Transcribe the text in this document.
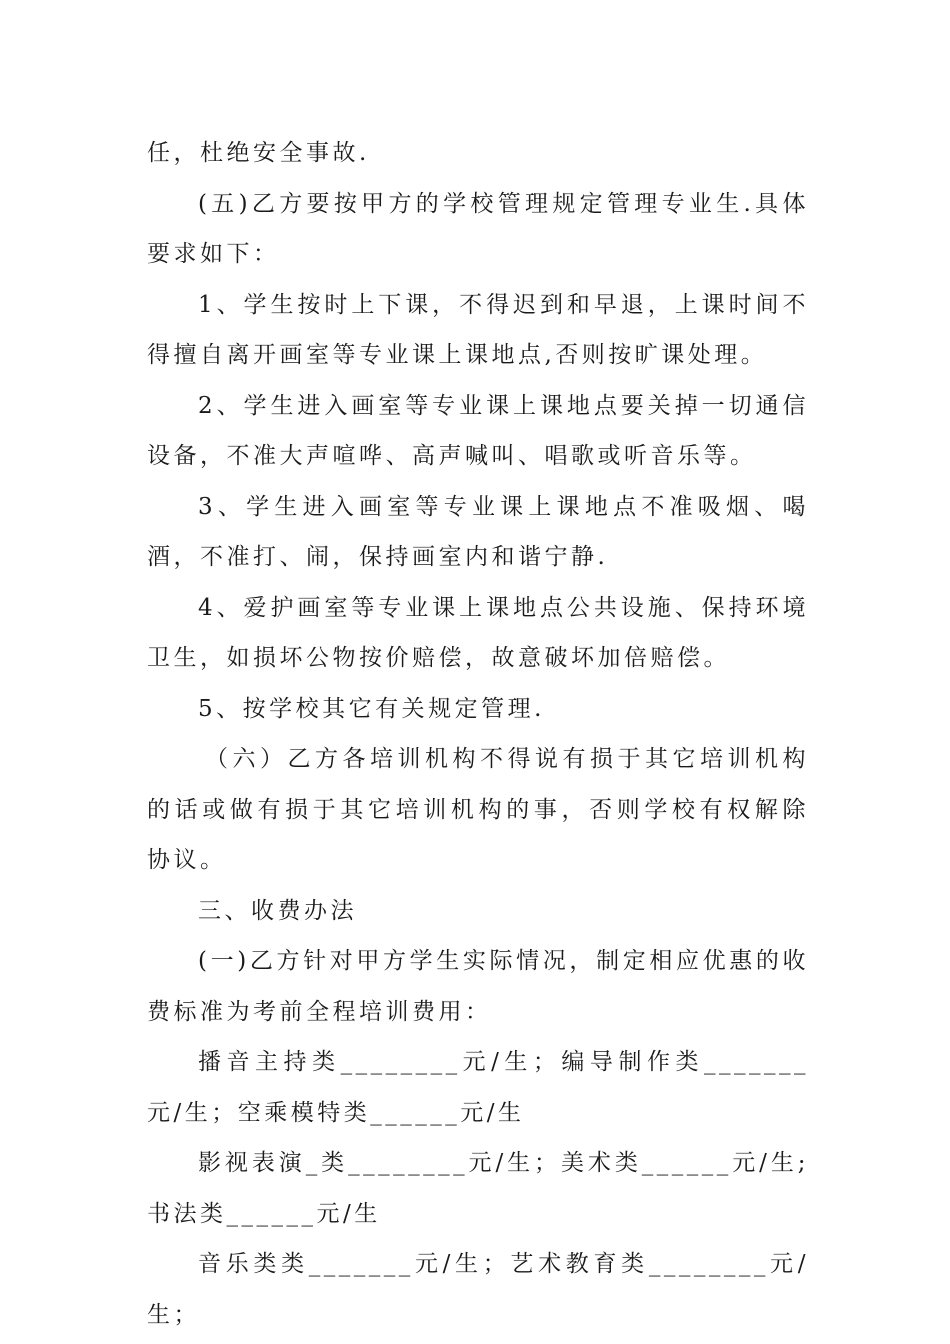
任，杜绝安全事故.

(五)乙方要按甲方的学校管理规定管理专业生.具体要求如下：

1、学生按时上下课，不得迟到和早退，上课时间不得擅自离开画室等专业课上课地点,否则按旷课处理。

2、学生进入画室等专业课上课地点要关掉一切通信设备，不准大声喧哗、高声喊叫、唱歌或听音乐等。

3、学生进入画室等专业课上课地点不准吸烟、喝酒，不准打、闹，保持画室内和谐宁静.

4、爱护画室等专业课上课地点公共设施、保持环境卫生，如损坏公物按价赔偿，故意破坏加倍赔偿。

5、按学校其它有关规定管理.

（六）乙方各培训机构不得说有损于其它培训机构的话或做有损于其它培训机构的事，否则学校有权解除协议。

三、收费办法

(一)乙方针对甲方学生实际情况，制定相应优惠的收费标准为考前全程培训费用：

播音主持类________元/生；编导制作类_______元/生；空乘模特类______元/生

影视表演_类________元/生；美术类______元/生;书法类______元/生

音乐类类_______元/生；艺术教育类________元/生；
